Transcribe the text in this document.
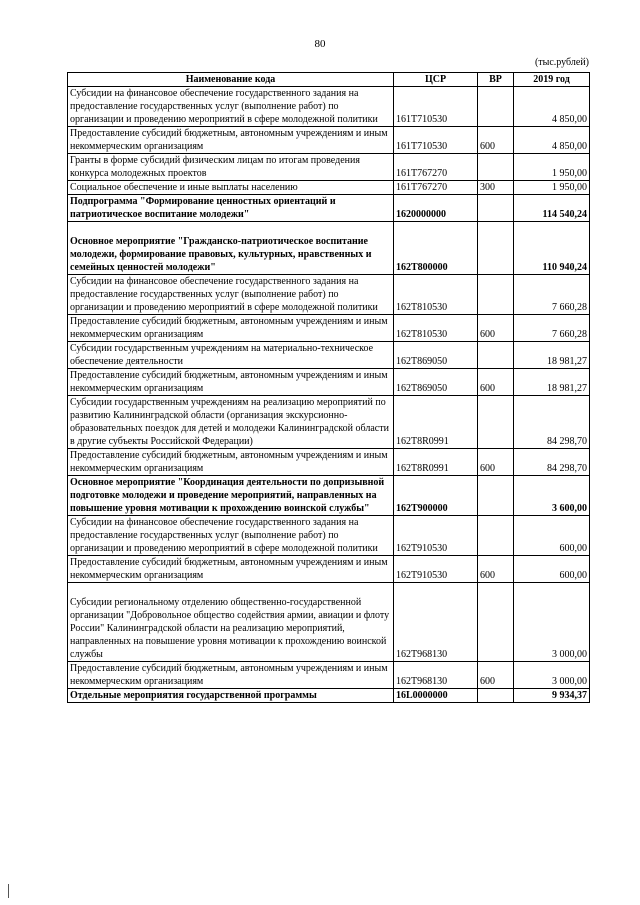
80
(тыс.рублей)
Наименование кода	ЦСР	ВР	2019 год
Субсидии на финансовое обеспечение государственного задания на предоставление государственных услуг (выполнение работ) по организации и проведению мероприятий в сфере молодежной политики	161Т710530		4 850,00
Предоставление субсидий бюджетным, автономным учреждениям и иным некоммерческим организациям	161Т710530	600	4 850,00
Гранты в форме субсидий физическим лицам по итогам проведения конкурса молодежных проектов	161Т767270		1 950,00
Социальное обеспечение и иные выплаты населению	161Т767270	300	1 950,00
Подпрограмма "Формирование ценностных ориентаций и патриотическое воспитание молодежи"	1620000000		114 540,24
Основное мероприятие "Гражданско-патриотическое воспитание молодежи, формирование правовых, культурных, нравственных и семейных ценностей молодежи"	162Т800000		110 940,24
Субсидии на финансовое обеспечение государственного задания на предоставление государственных услуг (выполнение работ) по организации и проведению мероприятий в сфере молодежной политики	162Т810530		7 660,28
Предоставление субсидий бюджетным, автономным учреждениям и иным некоммерческим организациям	162Т810530	600	7 660,28
Субсидии государственным учреждениям на материально-техническое обеспечение деятельности	162Т869050		18 981,27
Предоставление субсидий бюджетным, автономным учреждениям и иным некоммерческим организациям	162Т869050	600	18 981,27
Субсидии государственным учреждениям на реализацию мероприятий по развитию Калининградской области (организация экскурсионно-образовательных поездок для детей и молодежи Калининградской области в другие субъекты Российской Федерации)	162Т8R0991		84 298,70
Предоставление субсидий бюджетным, автономным учреждениям и иным некоммерческим организациям	162Т8R0991	600	84 298,70
Основное мероприятие "Координация деятельности по допризывной подготовке молодежи и проведение мероприятий, направленных на повышение уровня мотивации к прохождению воинской службы"	162Т900000		3 600,00
Субсидии на финансовое обеспечение государственного задания на предоставление государственных услуг (выполнение работ) по организации и проведению мероприятий в сфере молодежной политики	162Т910530		600,00
Предоставление субсидий бюджетным, автономным учреждениям и иным некоммерческим организациям	162Т910530	600	600,00
Субсидии региональному отделению общественно-государственной организации "Добровольное общество содействия армии, авиации и флоту России" Калининградской области на реализацию мероприятий, направленных на повышение уровня мотивации к прохождению воинской службы	162Т968130		3 000,00
Предоставление субсидий бюджетным, автономным учреждениям и иным некоммерческим организациям	162Т968130	600	3 000,00
Отдельные мероприятия государственной программы	16L0000000		9 934,37
